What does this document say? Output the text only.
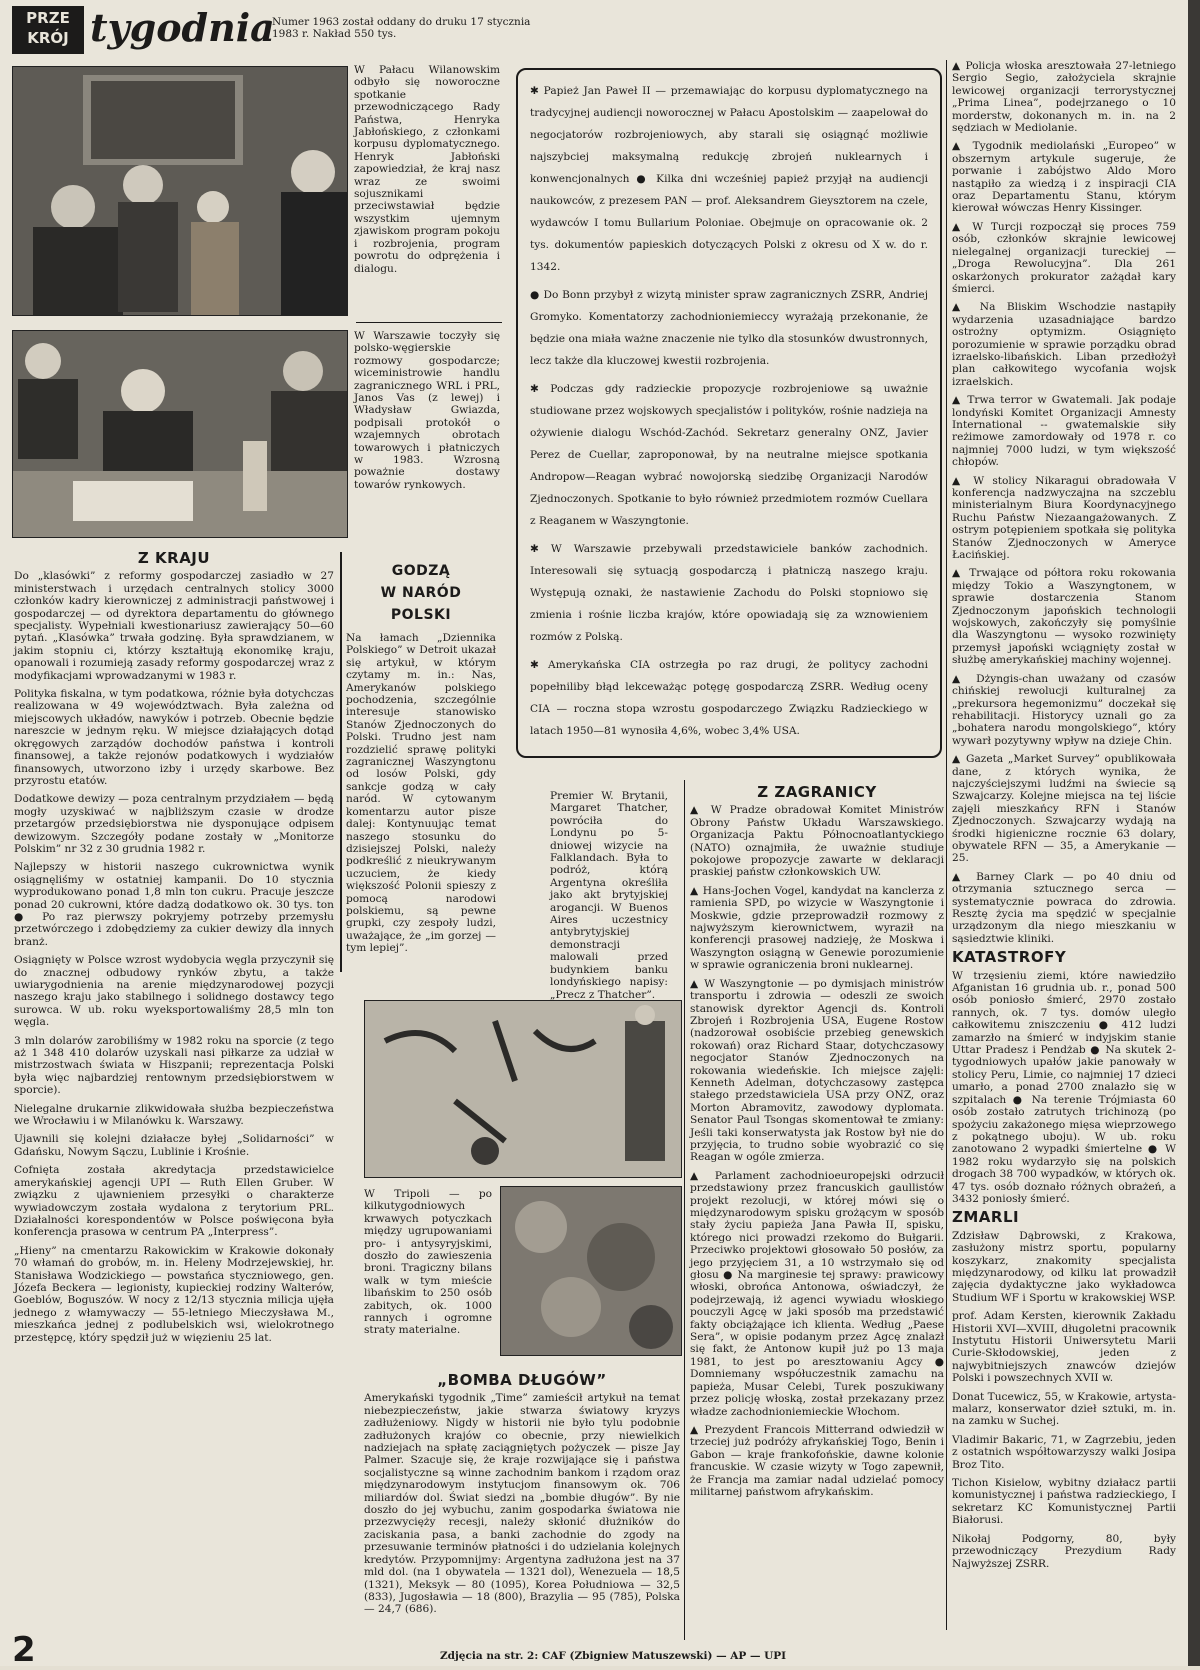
PRZE
KRÓJ tygodnia
Numer 1963 został oddany do druku 17 stycznia 1983 r. Nakład 550 tys.

W Pałacu Wilanowskim odbyło się noworoczne spotkanie przewodniczącego Rady Państwa, Henryka Jabłońskiego, z członkami korpusu dyplomatycznego. Henryk Jabłoński zapowiedział, że kraj nasz wraz ze swoimi sojusznikami przeciwstawiał będzie wszystkim ujemnym zjawiskom program pokoju i rozbrojenia, program powrotu do odprężenia i dialogu.

W Warszawie toczyły się polsko-węgierskie rozmowy gospodarcze; wiceministrowie handlu zagranicznego WRL i PRL, Janos Vas (z lewej) i Władysław Gwiazda, podpisali protokół o wzajemnych obrotach towarowych i płatniczych w 1983. Wzrosną poważnie dostawy towarów rynkowych.

✱ Papież Jan Paweł II — przemawiając do korpusu dyplomatycznego na tradycyjnej audiencji noworocznej w Pałacu Apostolskim — zaapelował do negocjatorów rozbrojeniowych, aby starali się osiągnąć możliwie najszybciej maksymalną redukcję zbrojeń nuklearnych i konwencjonalnych ● Kilka dni wcześniej papież przyjął na audiencji naukowców, z prezesem PAN — prof. Aleksandrem Gieysztorem na czele, wydawców I tomu Bullarium Poloniae. Obejmuje on opracowanie ok. 2 tys. dokumentów papieskich dotyczących Polski z okresu od X w. do r. 1342.

● Do Bonn przybył z wizytą minister spraw zagranicznych ZSRR, Andriej Gromyko. Komentatorzy zachodnioniemieccy wyrażają przekonanie, że będzie ona miała ważne znaczenie nie tylko dla stosunków dwustronnych, lecz także dla kluczowej kwestii rozbrojenia.

✱ Podczas gdy radzieckie propozycje rozbrojeniowe są uważnie studiowane przez wojskowych specjalistów i polityków, rośnie nadzieja na ożywienie dialogu Wschód-Zachód. Sekretarz generalny ONZ, Javier Perez de Cuellar, zaproponował, by na neutralne miejsce spotkania Andropow—Reagan wybrać nowojorską siedzibę Organizacji Narodów Zjednoczonych. Spotkanie to było również przedmiotem rozmów Cuellara z Reaganem w Waszyngtonie.

✱ W Warszawie przebywali przedstawiciele banków zachodnich. Interesowali się sytuacją gospodarczą i płatniczą naszego kraju. Występują oznaki, że nastawienie Zachodu do Polski stopniowo się zmienia i rośnie liczba krajów, które opowiadają się za wznowieniem rozmów z Polską.

✱ Amerykańska CIA ostrzegła po raz drugi, że politycy zachodni popełniliby błąd lekceważąc potęgę gospodarczą ZSRR. Według oceny CIA — roczna stopa wzrostu gospodarczego Związku Radzieckiego w latach 1950—81 wynosiła 4,6%, wobec 3,4% USA.

Z KRAJU

Do „klasówki” z reformy gospodarczej zasiadło w 27 ministerstwach i urzędach centralnych stolicy 3000 członków kadry kierowniczej z administracji państwowej i gospodarczej — od dyrektora departamentu do głównego specjalisty. Wypełniali kwestionariusz zawierający 50—60 pytań. „Klasówka” trwała godzinę. Była sprawdzianem, w jakim stopniu ci, którzy kształtują ekonomikę kraju, opanowali i rozumieją zasady reformy gospodarczej wraz z modyfikacjami wprowadzanymi w 1983 r.

Polityka fiskalna, w tym podatkowa, różnie była dotychczas realizowana w 49 województwach. Była zależna od miejscowych układów, nawyków i potrzeb. Obecnie będzie nareszcie w jednym ręku. W miejsce działających dotąd okręgowych zarządów dochodów państwa i kontroli finansowej, a także rejonów podatkowych i wydziałów finansowych, utworzono izby i urzędy skarbowe. Bez przyrostu etatów.

Dodatkowe dewizy — poza centralnym przydziałem — będą mogły uzyskiwać w najbliższym czasie w drodze przetargów przedsiębiorstwa nie dysponujące odpisem dewizowym. Szczegóły podane zostały w „Monitorze Polskim” nr 32 z 30 grudnia 1982 r.

Najlepszy w historii naszego cukrownictwa wynik osiągnęliśmy w ostatniej kampanii. Do 10 stycznia wyprodukowano ponad 1,8 mln ton cukru. Pracuje jeszcze ponad 20 cukrowni, które dadzą dodatkowo ok. 30 tys. ton ● Po raz pierwszy pokryjemy potrzeby przemysłu przetwórczego i zdobędziemy za cukier dewizy dla innych branż.

Osiągnięty w Polsce wzrost wydobycia węgla przyczynił się do znacznej odbudowy rynków zbytu, a także uwiarygodnienia na arenie międzynarodowej pozycji naszego kraju jako stabilnego i solidnego dostawcy tego surowca. W ub. roku wyeksportowaliśmy 28,5 mln ton węgla.

3 mln dolarów zarobiliśmy w 1982 roku na sporcie (z tego aż 1 348 410 dolarów uzyskali nasi piłkarze za udział w mistrzostwach świata w Hiszpanii; reprezentacja Polski była więc najbardziej rentownym przedsiębiorstwem w sporcie).

Nielegalne drukarnie zlikwidowała służba bezpieczeństwa we Wrocławiu i w Milanówku k. Warszawy.

Ujawnili się kolejni działacze byłej „Solidarności” w Gdańsku, Nowym Sączu, Lublinie i Krośnie.

Cofnięta została akredytacja przedstawicielce amerykańskiej agencji UPI — Ruth Ellen Gruber. W związku z ujawnieniem przesyłki o charakterze wywiadowczym została wydalona z terytorium PRL. Działalności korespondentów w Polsce poświęcona była konferencja prasowa w centrum PA „Interpress”.

„Hieny” na cmentarzu Rakowickim w Krakowie dokonały 70 włamań do grobów, m. in. Heleny Modrzejewskiej, hr. Stanisława Wodzickiego — powstańca styczniowego, gen. Józefa Beckera — legionisty, kupieckiej rodziny Walterów, Goeblów, Boguszów. W nocy z 12/13 stycznia milicja ujęła jednego z włamywaczy — 55-letniego Mieczysława M., mieszkańca jednej z podlubelskich wsi, wielokrotnego przestępcę, który spędził już w więzieniu 25 lat.

GODZĄ
W NARÓD
POLSKI

Na łamach „Dziennika Polskiego” w Detroit ukazał się artykuł, w którym czytamy m. in.: Nas, Amerykanów polskiego pochodzenia, szczególnie interesuje stanowisko Stanów Zjednoczonych do Polski. Trudno jest nam rozdzielić sprawę polityki zagranicznej Waszyngtonu od losów Polski, gdy sankcje godzą w cały naród. W cytowanym komentarzu autor pisze dalej: Kontynuując temat naszego stosunku do dzisiejszej Polski, należy podkreślić z nieukrywanym uczuciem, że kiedy większość Polonii spieszy z pomocą narodowi polskiemu, są pewne grupki, czy zespoły ludzi, uważające, że „im gorzej — tym lepiej”.

Premier W. Brytanii, Margaret Thatcher, powróciła do Londynu po 5-dniowej wizycie na Falklandach. Była to podróż, którą Argentyna określiła jako akt brytyjskiej arogancji. W Buenos Aires uczestnicy antybrytyjskiej demonstracji malowali przed budynkiem banku londyńskiego napisy: „Precz z Thatcher”.

W Tripoli — po kilkutygodniowych krwawych potyczkach między ugrupowaniami pro- i antysyryjskimi, doszło do zawieszenia broni. Tragiczny bilans walk w tym mieście libańskim to 250 osób zabitych, ok. 1000 rannych i ogromne straty materialne.

„BOMBA DŁUGÓW”

Amerykański tygodnik „Time” zamieścił artykuł na temat niebezpieczeństw, jakie stwarza światowy kryzys zadłużeniowy. Nigdy w historii nie było tylu podobnie zadłużonych krajów co obecnie, przy niewielkich nadziejach na spłatę zaciągniętych pożyczek — pisze Jay Palmer. Szacuje się, że kraje rozwijające się i państwa socjalistyczne są winne zachodnim bankom i rządom oraz międzynarodowym instytucjom finansowym ok. 706 miliardów dol. Świat siedzi na „bombie długów”. By nie doszło do jej wybuchu, zanim gospodarka światowa nie przezwycięży recesji, należy skłonić dłużników do zaciskania pasa, a banki zachodnie do zgody na przesuwanie terminów płatności i do udzielania kolejnych kredytów. Przypomnijmy: Argentyna zadłużona jest na 37 mld dol. (na 1 obywatela — 1321 dol), Wenezuela — 18,5 (1321), Meksyk — 80 (1095), Korea Południowa — 32,5 (833), Jugosławia — 18 (800), Brazylia — 95 (785), Polska — 24,7 (686).

Z ZAGRANICY

▲ W Pradze obradował Komitet Ministrów Obrony Państw Układu Warszawskiego. Organizacja Paktu Północnoatlantyckiego (NATO) oznajmiła, że uważnie studiuje pokojowe propozycje zawarte w deklaracji praskiej państw członkowskich UW.

▲ Hans-Jochen Vogel, kandydat na kanclerza z ramienia SPD, po wizycie w Waszyngtonie i Moskwie, gdzie przeprowadził rozmowy z najwyższym kierownictwem, wyraził na konferencji prasowej nadzieję, że Moskwa i Waszyngton osiągną w Genewie porozumienie w sprawie ograniczenia broni nuklearnej.

▲ W Waszyngtonie — po dymisjach ministrów transportu i zdrowia — odeszli ze swoich stanowisk dyrektor Agencji ds. Kontroli Zbrojeń i Rozbrojenia USA, Eugene Rostow (nadzorował osobiście przebieg genewskich rokowań) oraz Richard Staar, dotychczasowy negocjator Stanów Zjednoczonych na rokowania wiedeńskie. Ich miejsce zajęli: Kenneth Adelman, dotychczasowy zastępca stałego przedstawiciela USA przy ONZ, oraz Morton Abramovitz, zawodowy dyplomata. Senator Paul Tsongas skomentował te zmiany: Jeśli taki konserwatysta jak Rostow był nie do przyjęcia, to trudno sobie wyobrazić co się Reagan w ogóle zmierza.

▲ Parlament zachodnioeuropejski odrzucił przedstawiony przez francuskich gaullistów projekt rezolucji, w której mówi się o międzynarodowym spisku grożącym w sposób stały życiu papieża Jana Pawła II, spisku, którego nici prowadzi rzekomo do Bułgarii. Przeciwko projektowi głosowało 50 posłów, za jego przyjęciem 31, a 10 wstrzymało się od głosu ● Na marginesie tej sprawy: prawicowy włoski, obrońca Antonowa, oświadczył, że podejrzewają, iż agenci wywiadu włoskiego pouczyli Agcę w jaki sposób ma przedstawić fakty obciążające ich klienta. Według „Paese Sera”, w opisie podanym przez Agcę znalazł się fakt, że Antonow kupił już po 13 maja 1981, to jest po aresztowaniu Agcy ● Domniemany współuczestnik zamachu na papieża, Musar Celebi, Turek poszukiwany przez policję włoską, został przekazany przez władze zachodnioniemieckie Włochom.

▲ Prezydent Francois Mitterrand odwiedził w trzeciej już podróży afrykańskiej Togo, Benin i Gabon — kraje frankofońskie, dawne kolonie francuskie. W czasie wizyty w Togo zapewnił, że Francja ma zamiar nadal udzielać pomocy militarnej państwom afrykańskim.

▲ Policja włoska aresztowała 27-letniego Sergio Segio, założyciela skrajnie lewicowej organizacji terrorystycznej „Prima Linea”, podejrzanego o 10 morderstw, dokonanych m. in. na 2 sędziach w Mediolanie.

▲ Tygodnik mediolański „Europeo” w obszernym artykule sugeruje, że porwanie i zabójstwo Aldo Moro nastąpiło za wiedzą i z inspiracji CIA oraz Departamentu Stanu, którym kierował wówczas Henry Kissinger.

▲ W Turcji rozpoczął się proces 759 osób, członków skrajnie lewicowej nielegalnej organizacji tureckiej — „Droga Rewolucyjna”. Dla 261 oskarżonych prokurator zażądał kary śmierci.

▲ Na Bliskim Wschodzie nastąpiły wydarzenia uzasadniające bardzo ostrożny optymizm. Osiągnięto porozumienie w sprawie porządku obrad izraelsko-libańskich. Liban przedłożył plan całkowitego wycofania wojsk izraelskich.

▲ Trwa terror w Gwatemali. Jak podaje londyński Komitet Organizacji Amnesty International -- gwatemalskie siły reżimowe zamordowały od 1978 r. co najmniej 7000 ludzi, w tym większość chłopów.

▲ W stolicy Nikaragui obradowała V konferencja nadzwyczajna na szczeblu ministerialnym Biura Koordynacyjnego Ruchu Państw Niezaangażowanych. Z ostrym potępieniem spotkała się polityka Stanów Zjednoczonych w Ameryce Łacińskiej.

▲ Trwające od półtora roku rokowania między Tokio a Waszyngtonem, w sprawie dostarczenia Stanom Zjednoczonym japońskich technologii wojskowych, zakończyły się pomyślnie dla Waszyngtonu — wysoko rozwinięty przemysł japoński wciągnięty został w służbę amerykańskiej machiny wojennej.

▲ Dżyngis-chan uważany od czasów chińskiej rewolucji kulturalnej za „prekursora hegemonizmu” doczekał się rehabilitacji. Historycy uznali go za „bohatera narodu mongolskiego”, który wywarł pozytywny wpływ na dzieje Chin.

▲ Gazeta „Market Survey” opublikowała dane, z których wynika, że najczyściejszymi ludźmi na świecie są Szwajcarzy. Kolejne miejsca na tej liście zajęli mieszkańcy RFN i Stanów Zjednoczonych. Szwajcarzy wydają na środki higieniczne rocznie 63 dolary, obywatele RFN — 35, a Amerykanie — 25.

▲ Barney Clark — po 40 dniu od otrzymania sztucznego serca — systematycznie powraca do zdrowia. Resztę życia ma spędzić w specjalnie urządzonym dla niego mieszkaniu w sąsiedztwie kliniki.

KATASTROFY

W trzęsieniu ziemi, które nawiedziło Afganistan 16 grudnia ub. r., ponad 500 osób poniosło śmierć, 2970 zostało rannych, ok. 7 tys. domów uległo całkowitemu zniszczeniu ● 412 ludzi zamarzło na śmierć w indyjskim stanie Uttar Pradesz i Pendżab ● Na skutek 2-tygodniowych upałów jakie panowały w stolicy Peru, Limie, co najmniej 17 dzieci umarło, a ponad 2700 znalazło się w szpitalach ● Na terenie Trójmiasta 60 osób zostało zatrutych trichinozą (po spożyciu zakażonego mięsa wieprzowego z pokątnego uboju). W ub. roku zanotowano 2 wypadki śmiertelne ● W 1982 roku wydarzyło się na polskich drogach 38 700 wypadków, w których ok. 47 tys. osób doznało różnych obrażeń, a 3432 poniosły śmierć.

ZMARLI

Zdzisław Dąbrowski, z Krakowa, zasłużony mistrz sportu, popularny koszykarz, znakomity specjalista międzynarodowy, od kilku lat prowadził zajęcia dydaktyczne jako wykładowca Studium WF i Sportu w krakowskiej WSP.

prof. Adam Kersten, kierownik Zakładu Historii XVI—XVIII, długoletni pracownik Instytutu Historii Uniwersytetu Marii Curie-Skłodowskiej, jeden z najwybitniejszych znawców dziejów Polski i powszechnych XVII w.

Donat Tucewicz, 55, w Krakowie, artysta-malarz, konserwator dzieł sztuki, m. in. na zamku w Suchej.

Vladimir Bakaric, 71, w Zagrzebiu, jeden z ostatnich współtowarzyszy walki Josipa Broz Tito.

Tichon Kisielow, wybitny działacz partii komunistycznej i państwa radzieckiego, I sekretarz KC Komunistycznej Partii Białorusi.

Nikołaj Podgorny, 80, były przewodniczący Prezydium Rady Najwyższej ZSRR.

2	Zdjęcia na str. 2: CAF (Zbigniew Matuszewski) — AP — UPI
